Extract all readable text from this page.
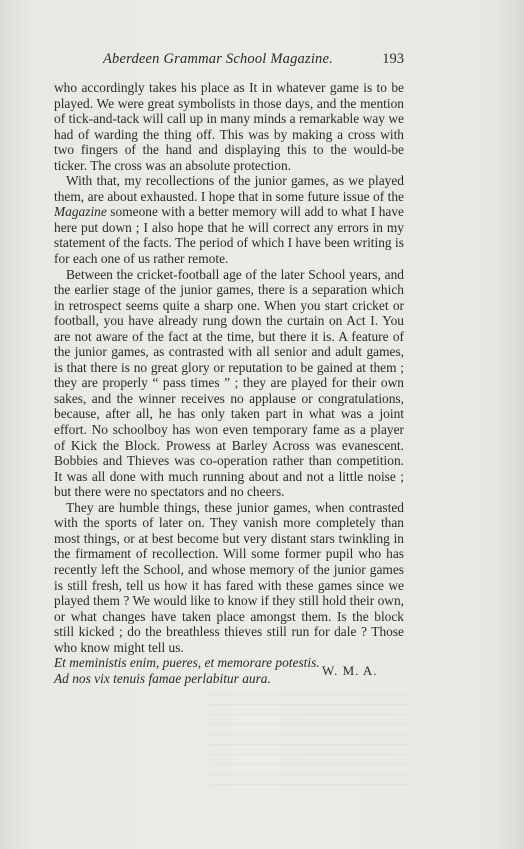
Aberdeen Grammar School Magazine.	193

who accordingly takes his place as It in whatever game is to be played. We were great symbolists in those days, and the mention of tick-and-tack will call up in many minds a remarkable way we had of warding the thing off. This was by making a cross with two fingers of the hand and displaying this to the would-be ticker. The cross was an absolute protection.

With that, my recollections of the junior games, as we played them, are about exhausted. I hope that in some future issue of the Magazine someone with a better memory will add to what I have here put down ; I also hope that he will correct any errors in my statement of the facts. The period of which I have been writing is for each one of us rather remote.

Between the cricket-football age of the later School years, and the earlier stage of the junior games, there is a separation which in retrospect seems quite a sharp one. When you start cricket or football, you have already rung down the curtain on Act I. You are not aware of the fact at the time, but there it is. A feature of the junior games, as contrasted with all senior and adult games, is that there is no great glory or reputation to be gained at them ; they are properly “ pass times ” ; they are played for their own sakes, and the winner receives no applause or congratulations, because, after all, he has only taken part in what was a joint effort. No schoolboy has won even temporary fame as a player of Kick the Block. Prowess at Barley Across was evanescent. Bobbies and Thieves was co-operation rather than competition. It was all done with much running about and not a little noise ; but there were no spectators and no cheers.

They are humble things, these junior games, when contrasted with the sports of later on. They vanish more completely than most things, or at best become but very distant stars twinkling in the firmament of recollection. Will some former pupil who has recently left the School, and whose memory of the junior games is still fresh, tell us how it has fared with these games since we played them ? We would like to know if they still hold their own, or what changes have taken place amongst them. Is the block still kicked ; do the breathless thieves still run for dale ? Those who know might tell us.

Et meministis enim, pueres, et memorare potestis.
Ad nos vix tenuis famae perlabitur aura.
W. M. A.
